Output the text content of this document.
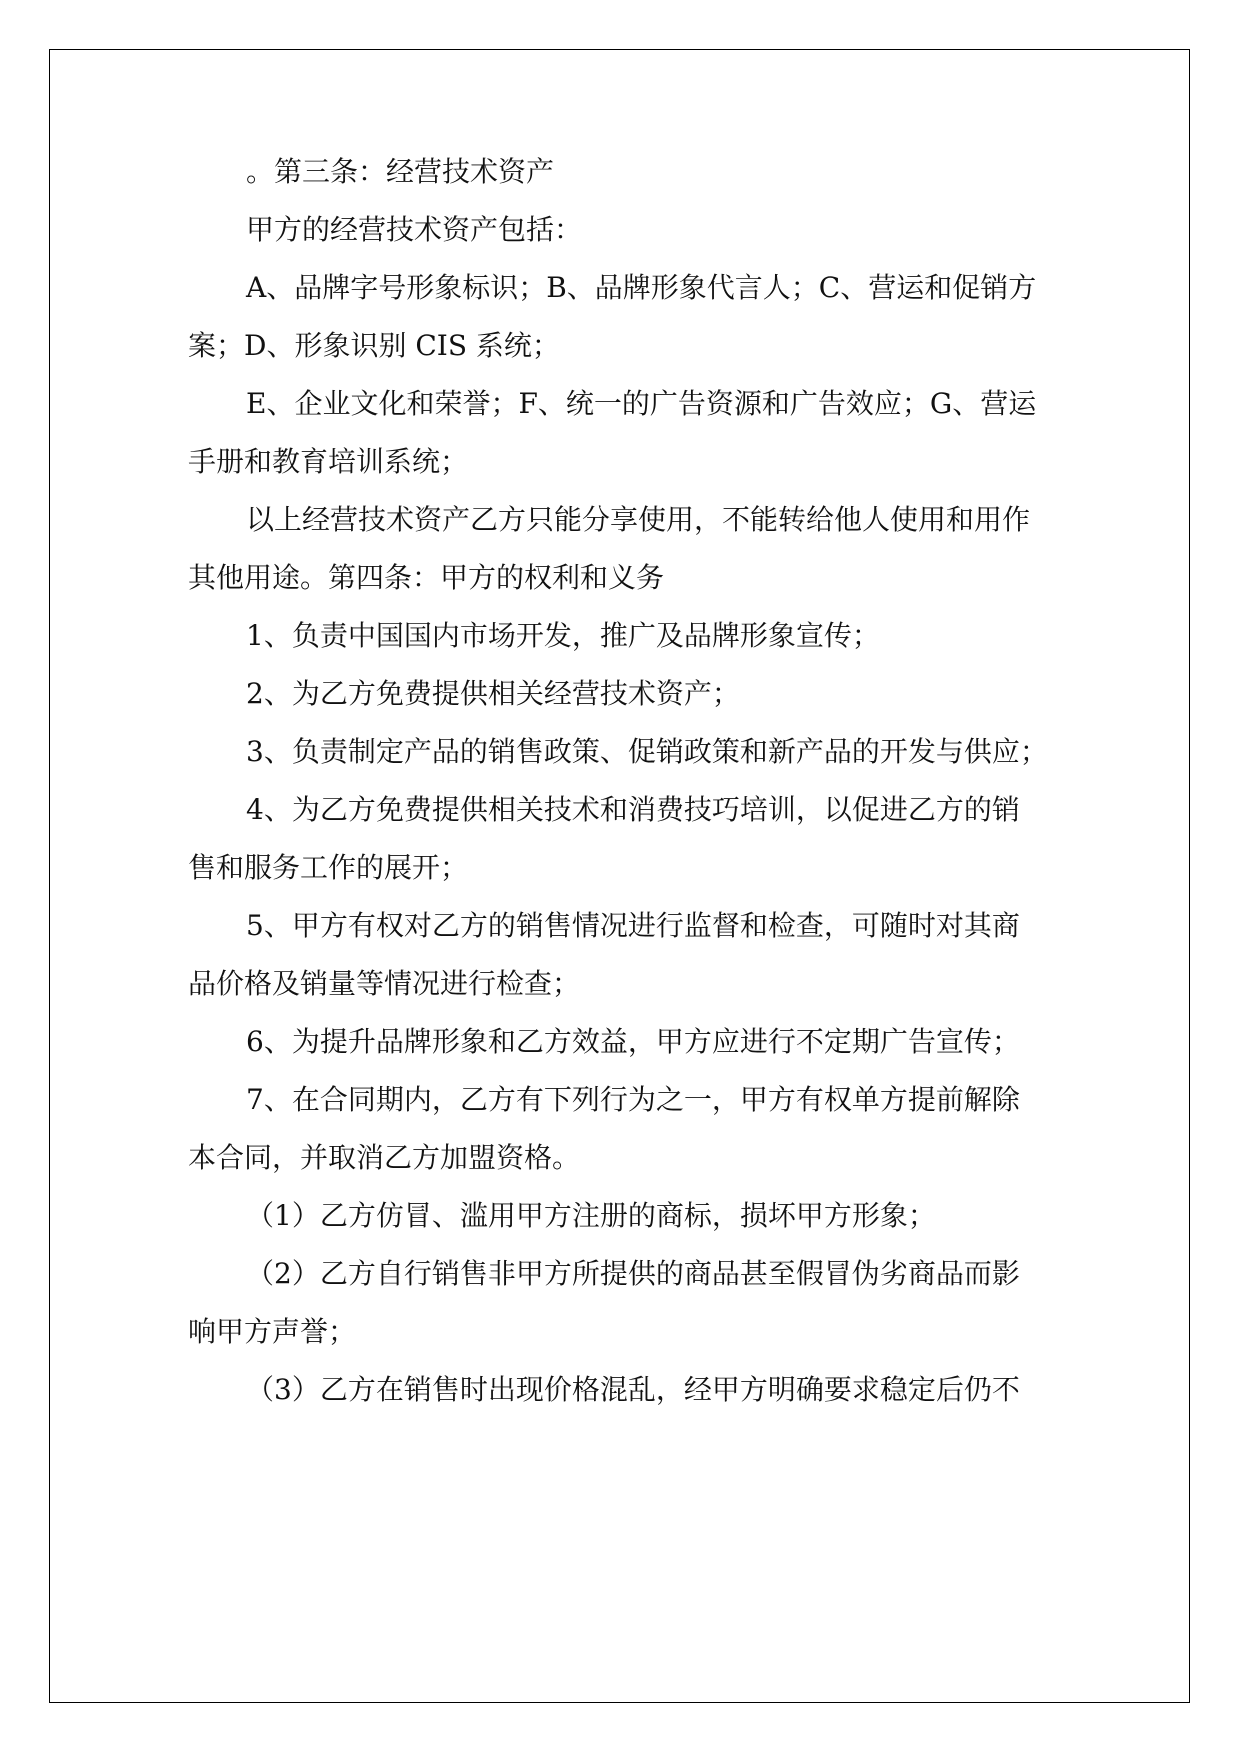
。第三条：经营技术资产
甲方的经营技术资产包括：
A、品牌字号形象标识；B、品牌形象代言人；C、营运和促销方
案；D、形象识别 CIS 系统；
E、企业文化和荣誉；F、统一的广告资源和广告效应；G、营运
手册和教育培训系统；
以上经营技术资产乙方只能分享使用，不能转给他人使用和用作
其他用途。第四条：甲方的权利和义务
1、负责中国国内市场开发，推广及品牌形象宣传；
2、为乙方免费提供相关经营技术资产；
3、负责制定产品的销售政策、促销政策和新产品的开发与供应；
4、为乙方免费提供相关技术和消费技巧培训，以促进乙方的销
售和服务工作的展开；
5、甲方有权对乙方的销售情况进行监督和检查，可随时对其商
品价格及销量等情况进行检查；
6、为提升品牌形象和乙方效益，甲方应进行不定期广告宣传；
7、在合同期内，乙方有下列行为之一，甲方有权单方提前解除
本合同，并取消乙方加盟资格。
（1）乙方仿冒、滥用甲方注册的商标，损坏甲方形象；
（2）乙方自行销售非甲方所提供的商品甚至假冒伪劣商品而影
响甲方声誉；
（3）乙方在销售时出现价格混乱，经甲方明确要求稳定后仍不
